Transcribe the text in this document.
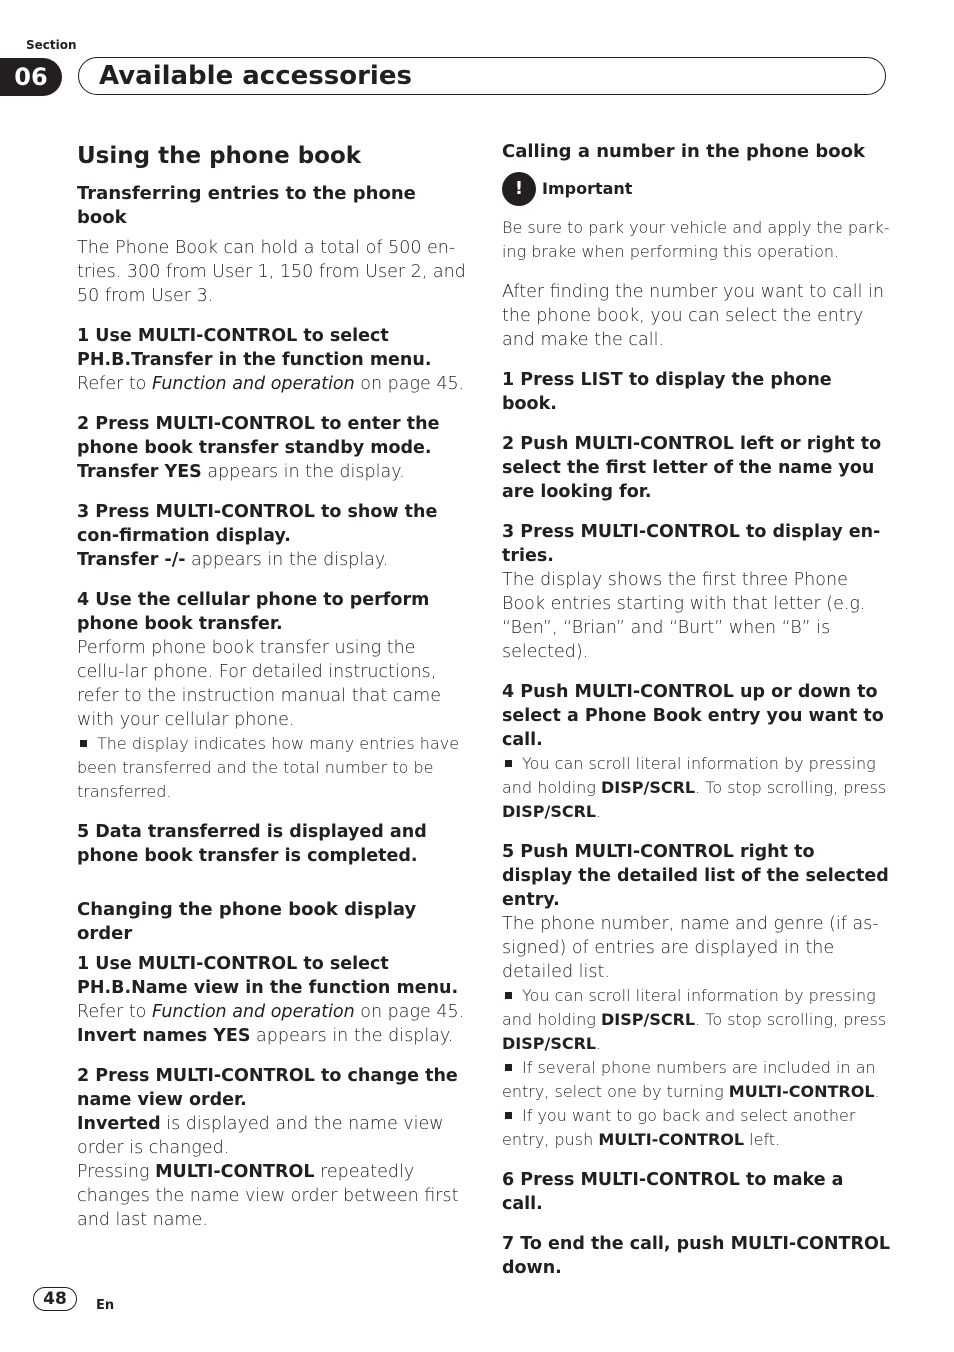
Section
06	Available accessories
Using the phone book
Transferring entries to the phone book

The Phone Book can hold a total of 500 en-tries. 300 from User 1, 150 from User 2, and 50 from User 3.

1 Use MULTI-CONTROL to select PH.B.Transfer in the function menu.

Refer to Function and operation on page 45.

2 Press MULTI-CONTROL to enter the phone book transfer standby mode.

Transfer YES appears in the display.

3 Press MULTI-CONTROL to show the con-firmation display.

Transfer -/- appears in the display.

4 Use the cellular phone to perform phone book transfer.

Perform phone book transfer using the cellu-lar phone. For detailed instructions, refer to the instruction manual that came with your cellular phone.

The display indicates how many entries have been transferred and the total number to be transferred.

5 Data transferred is displayed and phone book transfer is completed.

Changing the phone book display order

1 Use MULTI-CONTROL to select PH.B.Name view in the function menu.

Refer to Function and operation on page 45.

Invert names YES appears in the display.

2 Press MULTI-CONTROL to change the name view order.

Inverted is displayed and the name view order is changed.

Pressing MULTI-CONTROL repeatedly changes the name view order between first and last name.

Calling a number in the phone book
!	Important

Be sure to park your vehicle and apply the park-ing brake when performing this operation.

After finding the number you want to call in the phone book, you can select the entry and make the call.

1 Press LIST to display the phone book.

2 Push MULTI-CONTROL left or right to select the first letter of the name you are looking for.

3 Press MULTI-CONTROL to display en-tries.

The display shows the first three Phone Book entries starting with that letter (e.g. “Ben”, “Brian” and “Burt” when “B” is selected).

4 Push MULTI-CONTROL up or down to select a Phone Book entry you want to call.

You can scroll literal information by pressing and holding DISP/SCRL. To stop scrolling, press DISP/SCRL.

5 Push MULTI-CONTROL right to display the detailed list of the selected entry.

The phone number, name and genre (if as-signed) of entries are displayed in the detailed list.

You can scroll literal information by pressing and holding DISP/SCRL. To stop scrolling, press DISP/SCRL.

If several phone numbers are included in an entry, select one by turning MULTI-CONTROL.

If you want to go back and select another entry, push MULTI-CONTROL left.

6 Press MULTI-CONTROL to make a call.

7 To end the call, push MULTI-CONTROL down.

48	En
